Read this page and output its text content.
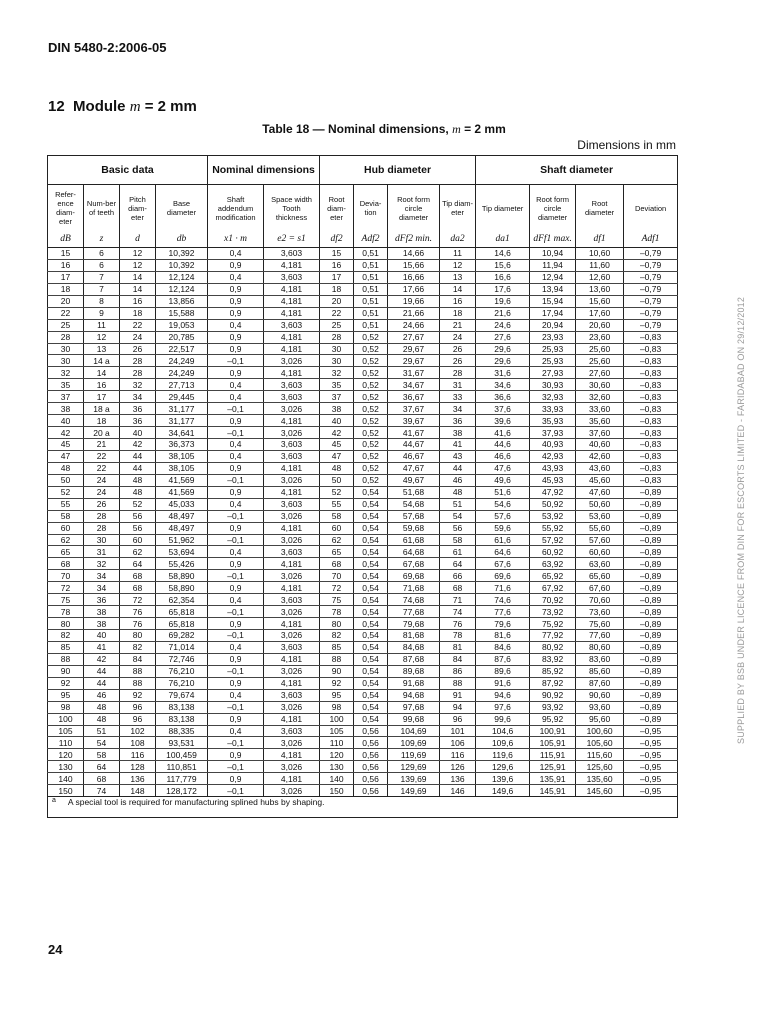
DIN 5480-2:2006-05
12 Module m = 2 mm
Table 18 — Nominal dimensions, m = 2 mm
Dimensions in mm
Basic data				Nominal dimensions		Hub diameter				Shaft diameter			
Refer-ence diam-eter	Num-ber of teeth	Pitch diam-eter	Base diameter	Shaft addendum modification	Space width Tooth thickness	Root diam-eter	Devia-tion	Root form circle diameter	Tip diam-eter	Tip diameter	Root form circle diameter	Root diameter	Deviation
dB	z	d	db	x1 · m	e2 = s1	df2	Adf2	dFf2 min.	da2	da1	dFf1 max.	df1	Adf1
15	6	12	10,392	0,4	3,603	15	0,51	14,66	11	14,6	10,94	10,60	–0,79
16	6	12	10,392	0,9	4,181	16	0,51	15,66	12	15,6	11,94	11,60	–0,79
17	7	14	12,124	0,4	3,603	17	0,51	16,66	13	16,6	12,94	12,60	–0,79
18	7	14	12,124	0,9	4,181	18	0,51	17,66	14	17,6	13,94	13,60	–0,79
20	8	16	13,856	0,9	4,181	20	0,51	19,66	16	19,6	15,94	15,60	–0,79
22	9	18	15,588	0,9	4,181	22	0,51	21,66	18	21,6	17,94	17,60	–0,79
25	11	22	19,053	0,4	3,603	25	0,51	24,66	21	24,6	20,94	20,60	–0,79
28	12	24	20,785	0,9	4,181	28	0,52	27,67	24	27,6	23,93	23,60	–0,83
30	13	26	22,517	0,9	4,181	30	0,52	29,67	26	29,6	25,93	25,60	–0,83
30	14 a	28	24,249	–0,1	3,026	30	0,52	29,67	26	29,6	25,93	25,60	–0,83
32	14	28	24,249	0,9	4,181	32	0,52	31,67	28	31,6	27,93	27,60	–0,83
35	16	32	27,713	0,4	3,603	35	0,52	34,67	31	34,6	30,93	30,60	–0,83
37	17	34	29,445	0,4	3,603	37	0,52	36,67	33	36,6	32,93	32,60	–0,83
38	18 a	36	31,177	–0,1	3,026	38	0,52	37,67	34	37,6	33,93	33,60	–0,83
40	18	36	31,177	0,9	4,181	40	0,52	39,67	36	39,6	35,93	35,60	–0,83
42	20 a	40	34,641	–0,1	3,026	42	0,52	41,67	38	41,6	37,93	37,60	–0,83
45	21	42	36,373	0,4	3,603	45	0,52	44,67	41	44,6	40,93	40,60	–0,83
47	22	44	38,105	0,4	3,603	47	0,52	46,67	43	46,6	42,93	42,60	–0,83
48	22	44	38,105	0,9	4,181	48	0,52	47,67	44	47,6	43,93	43,60	–0,83
50	24	48	41,569	–0,1	3,026	50	0,52	49,67	46	49,6	45,93	45,60	–0,83
52	24	48	41,569	0,9	4,181	52	0,54	51,68	48	51,6	47,92	47,60	–0,89
55	26	52	45,033	0,4	3,603	55	0,54	54,68	51	54,6	50,92	50,60	–0,89
58	28	56	48,497	–0,1	3,026	58	0,54	57,68	54	57,6	53,92	53,60	–0,89
60	28	56	48,497	0,9	4,181	60	0,54	59,68	56	59,6	55,92	55,60	–0,89
62	30	60	51,962	–0,1	3,026	62	0,54	61,68	58	61,6	57,92	57,60	–0,89
65	31	62	53,694	0,4	3,603	65	0,54	64,68	61	64,6	60,92	60,60	–0,89
68	32	64	55,426	0,9	4,181	68	0,54	67,68	64	67,6	63,92	63,60	–0,89
70	34	68	58,890	–0,1	3,026	70	0,54	69,68	66	69,6	65,92	65,60	–0,89
72	34	68	58,890	0,9	4,181	72	0,54	71,68	68	71,6	67,92	67,60	–0,89
75	36	72	62,354	0,4	3,603	75	0,54	74,68	71	74,6	70,92	70,60	–0,89
78	38	76	65,818	–0,1	3,026	78	0,54	77,68	74	77,6	73,92	73,60	–0,89
80	38	76	65,818	0,9	4,181	80	0,54	79,68	76	79,6	75,92	75,60	–0,89
82	40	80	69,282	–0,1	3,026	82	0,54	81,68	78	81,6	77,92	77,60	–0,89
85	41	82	71,014	0,4	3,603	85	0,54	84,68	81	84,6	80,92	80,60	–0,89
88	42	84	72,746	0,9	4,181	88	0,54	87,68	84	87,6	83,92	83,60	–0,89
90	44	88	76,210	–0,1	3,026	90	0,54	89,68	86	89,6	85,92	85,60	–0,89
92	44	88	76,210	0,9	4,181	92	0,54	91,68	88	91,6	87,92	87,60	–0,89
95	46	92	79,674	0,4	3,603	95	0,54	94,68	91	94,6	90,92	90,60	–0,89
98	48	96	83,138	–0,1	3,026	98	0,54	97,68	94	97,6	93,92	93,60	–0,89
100	48	96	83,138	0,9	4,181	100	0,54	99,68	96	99,6	95,92	95,60	–0,89
105	51	102	88,335	0,4	3,603	105	0,56	104,69	101	104,6	100,91	100,60	–0,95
110	54	108	93,531	–0,1	3,026	110	0,56	109,69	106	109,6	105,91	105,60	–0,95
120	58	116	100,459	0,9	4,181	120	0,56	119,69	116	119,6	115,91	115,60	–0,95
130	64	128	110,851	–0,1	3,026	130	0,56	129,69	126	129,6	125,91	125,60	–0,95
140	68	136	117,779	0,9	4,181	140	0,56	139,69	136	139,6	135,91	135,60	–0,95
150	74	148	128,172	–0,1	3,026	150	0,56	149,69	146	149,6	145,91	145,60	–0,95
a A special tool is required for manufacturing splined hubs by shaping.													
SUPPLIED BY BSB UNDER LICENCE FROM DIN FOR ESCORTS LIMITED - FARIDABAD ON 29/12/2012
24
